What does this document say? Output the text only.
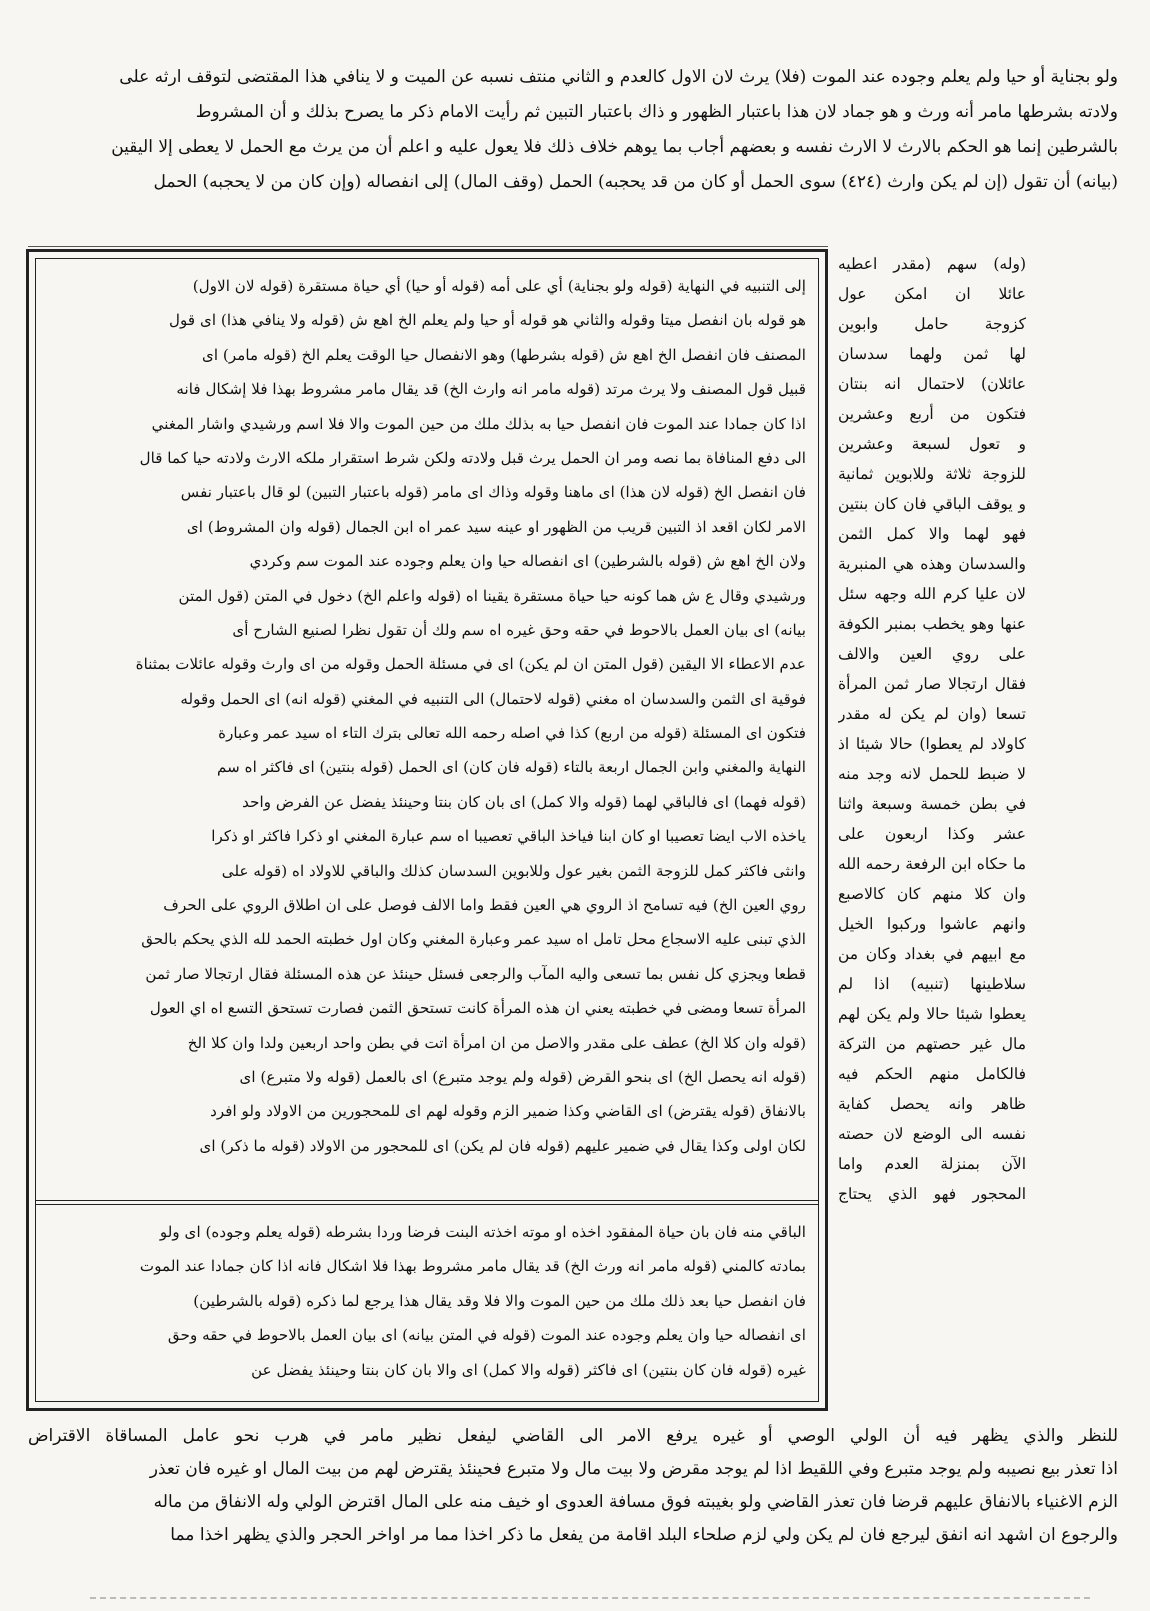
ولو بجناية أو حيا ولم يعلم وجوده عند الموت (فلا) يرث لان الاول كالعدم و الثاني منتف نسبه عن الميت و لا ينافي هذا المقتضى لتوقف ارثه على
ولادته بشرطها مامر أنه ورث و هو جماد لان هذا باعتبار الظهور و ذاك باعتبار التبين ثم رأيت الامام ذكر ما يصرح بذلك و أن المشروط
بالشرطين إنما هو الحكم بالارث لا الارث نفسه و بعضهم أجاب بما يوهم خلاف ذلك فلا يعول عليه و اعلم أن من يرث مع الحمل لا يعطى إلا اليقين
(بيانه) أن تقول (إن لم يكن وارث (٤٢٤) سوى الحمل أو كان من قد يحجبه) الحمل (وقف المال) إلى انفصاله (وإن كان من لا يحجبه) الحمل
(وله) سهم (مقدر اعطيه
عائلا ان امكن عول
كزوجة حامل وابوين
لها ثمن ولهما سدسان
عائلان) لاحتمال انه بنتان
فتكون من أربع وعشرين
و تعول لسبعة وعشرين
للزوجة ثلاثة وللابوين ثمانية
و يوقف الباقي فان كان بنتين
فهو لهما والا كمل الثمن
والسدسان وهذه هي المنبرية
لان عليا كرم الله وجهه سئل
عنها وهو يخطب بمنبر الكوفة
على روي العين والالف
فقال ارتجالا صار ثمن المرأة
تسعا (وان لم يكن له مقدر
كاولاد لم يعطوا) حالا شيئا اذ
لا ضبط للحمل لانه وجد منه
في بطن خمسة وسبعة واثنا
عشر وكذا اربعون على
ما حكاه ابن الرفعة رحمه الله
وان كلا منهم كان كالاصبع
وانهم عاشوا وركبوا الخيل
مع ابيهم في بغداد وكان من
سلاطينها (تنبيه) اذا لم
يعطوا شيئا حالا ولم يكن لهم
مال غير حصتهم من التركة
فالكامل منهم الحكم فيه
ظاهر وانه يحصل كفاية
نفسه الى الوضع لان حصته
الآن بمنزلة العدم واما
المحجور فهو الذي يحتاج
إلى التنبيه في النهاية (قوله ولو بجناية) أي على أمه (قوله أو حيا) أي حياة مستقرة (قوله لان الاول)
هو قوله بان انفصل ميتا وقوله والثاني هو قوله أو حيا ولم يعلم الخ اهع ش (قوله ولا ينافي هذا) اى قول
المصنف فان انفصل الخ اهع ش (قوله بشرطها) وهو الانفصال حيا الوقت يعلم الخ (قوله مامر) اى
قبيل قول المصنف ولا يرث مرتد (قوله مامر انه وارث الخ) قد يقال مامر مشروط بهذا فلا إشكال فانه
اذا كان جمادا عند الموت فان انفصل حيا به بذلك ملك من حين الموت والا فلا اسم ورشيدي واشار المغني
الى دفع المنافاة بما نصه ومر ان الحمل يرث قبل ولادته ولكن شرط استقرار ملكه الارث ولادته حيا كما قال
فان انفصل الخ (قوله لان هذا) اى ماهنا وقوله وذاك اى مامر (قوله باعتبار التبين) لو قال باعتبار نفس
الامر لكان اقعد اذ التبين قريب من الظهور او عينه سيد عمر اه ابن الجمال (قوله وان المشروط) اى
ولان الخ اهع ش (قوله بالشرطين) اى انفصاله حيا وان يعلم وجوده عند الموت سم وكردي
ورشيدي وقال ع ش هما كونه حيا حياة مستقرة يقينا اه (قوله واعلم الخ) دخول في المتن (قول المتن
بيانه) اى بيان العمل بالاحوط في حقه وحق غيره اه سم ولك أن تقول نظرا لصنيع الشارح أى
عدم الاعطاء الا اليقين (قول المتن ان لم يكن) اى في مسئلة الحمل وقوله من اى وارث وقوله عائلات بمثناة
فوقية اى الثمن والسدسان اه مغني (قوله لاحتمال) الى التنبيه في المغني (قوله انه) اى الحمل وقوله
فتكون اى المسئلة (قوله من اربع) كذا في اصله رحمه الله تعالى بترك التاء اه سيد عمر وعبارة
النهاية والمغني وابن الجمال اربعة بالتاء (قوله فان كان) اى الحمل (قوله بنتين) اى فاكثر اه سم
(قوله فهما) اى فالباقي لهما (قوله والا كمل) اى بان كان بنتا وحينئذ يفضل عن الفرض واحد
ياخذه الاب ايضا تعصيبا او كان ابنا فياخذ الباقي تعصيبا اه سم عبارة المغني او ذكرا فاكثر او ذكرا
وانثى فاكثر كمل للزوجة الثمن بغير عول وللابوين السدسان كذلك والباقي للاولاد اه (قوله على
روي العين الخ) فيه تسامح اذ الروي هي العين فقط واما الالف فوصل على ان اطلاق الروي على الحرف
الذي تبنى عليه الاسجاع محل تامل اه سيد عمر وعبارة المغني وكان اول خطبته الحمد لله الذي يحكم بالحق
قطعا ويجزي كل نفس بما تسعى واليه المآب والرجعى فسئل حينئذ عن هذه المسئلة فقال ارتجالا صار ثمن
المرأة تسعا ومضى في خطبته يعني ان هذه المرأة كانت تستحق الثمن فصارت تستحق التسع اه اي العول
(قوله وان كلا الخ) عطف على مقدر والاصل من ان امرأة اتت في بطن واحد اربعين ولدا وان كلا الخ
(قوله انه يحصل الخ) اى بنحو القرض (قوله ولم يوجد متبرع) اى بالعمل (قوله ولا متبرع) اى
بالانفاق (قوله يقترض) اى القاضي وكذا ضمير الزم وقوله لهم اى للمحجورين من الاولاد ولو افرد
لكان اولى وكذا يقال في ضمير عليهم (قوله فان لم يكن) اى للمحجور من الاولاد (قوله ما ذكر) اى
الباقي منه فان بان حياة المفقود اخذه او موته اخذته البنت فرضا وردا بشرطه (قوله يعلم وجوده) اى ولو
بمادته كالمني (قوله مامر انه ورث الخ) قد يقال مامر مشروط بهذا فلا اشكال فانه اذا كان جمادا عند الموت
فان انفصل حيا بعد ذلك ملك من حين الموت والا فلا وقد يقال هذا يرجع لما ذكره (قوله بالشرطين)
اى انفصاله حيا وان يعلم وجوده عند الموت (قوله في المتن بيانه) اى بيان العمل بالاحوط في حقه وحق
غيره (قوله فان كان بنتين) اى فاكثر (قوله والا كمل) اى والا بان كان بنتا وحينئذ يفضل عن
للنظر والذي يظهر فيه أن الولي الوصي أو غيره يرفع الامر الى القاضي ليفعل نظير مامر في هرب نحو عامل المساقاة الاقتراض
اذا تعذر بيع نصيبه ولم يوجد متبرع وفي اللقيط اذا لم يوجد مقرض ولا بيت مال ولا متبرع فحينئذ يقترض لهم من بيت المال او غيره فان تعذر
الزم الاغنياء بالانفاق عليهم قرضا فان تعذر القاضي ولو بغيبته فوق مسافة العدوى او خيف منه على المال اقترض الولي وله الانفاق من ماله
والرجوع ان اشهد انه انفق ليرجع فان لم يكن ولي لزم صلحاء البلد اقامة من يفعل ما ذكر اخذا مما مر اواخر الحجر والذي يظهر اخذا مما
